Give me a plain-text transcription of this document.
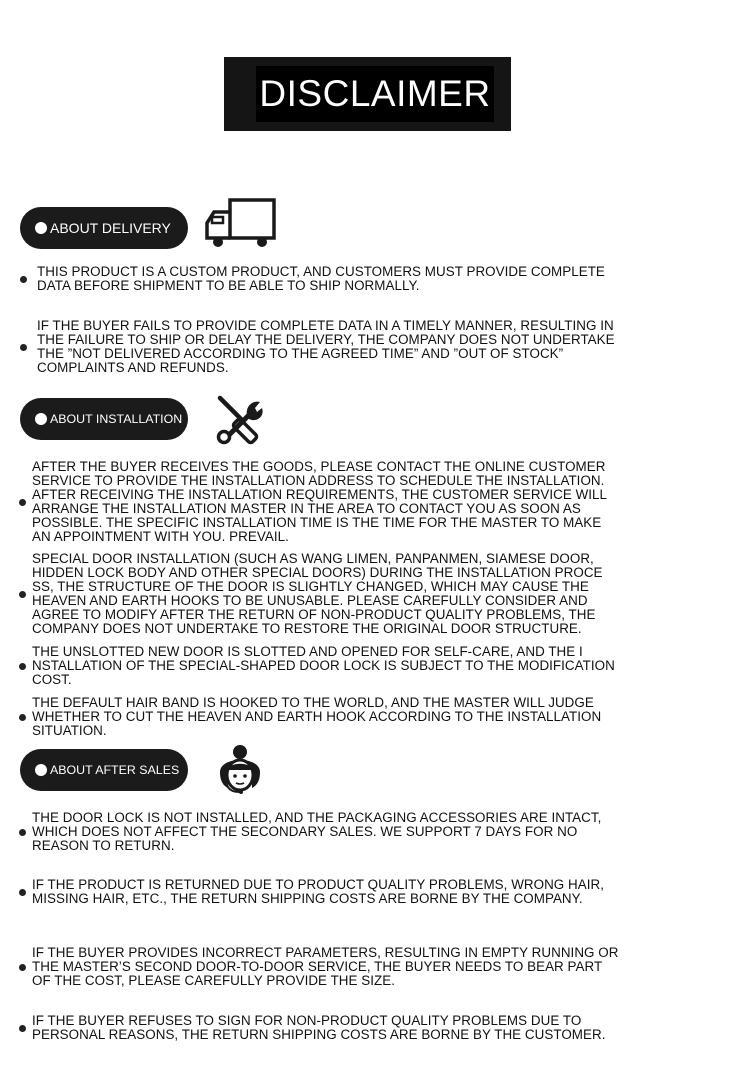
DISCLAIMER
ABOUT DELIVERY

THIS PRODUCT IS A CUSTOM PRODUCT, AND CUSTOMERS MUST PROVIDE COMPLETE
DATA BEFORE SHIPMENT TO BE ABLE TO SHIP NORMALLY.

IF THE BUYER FAILS TO PROVIDE COMPLETE DATA IN A TIMELY MANNER, RESULTING IN
THE FAILURE TO SHIP OR DELAY THE DELIVERY, THE COMPANY DOES NOT UNDERTAKE
THE ”NOT DELIVERED ACCORDING TO THE AGREED TIME” AND ”OUT OF STOCK”
COMPLAINTS AND REFUNDS.

ABOUT INSTALLATION

AFTER THE BUYER RECEIVES THE GOODS, PLEASE CONTACT THE ONLINE CUSTOMER
SERVICE TO PROVIDE THE INSTALLATION ADDRESS TO SCHEDULE THE INSTALLATION.
AFTER RECEIVING THE INSTALLATION REQUIREMENTS, THE CUSTOMER SERVICE WILL
ARRANGE THE INSTALLATION MASTER IN THE AREA TO CONTACT YOU AS SOON AS
POSSIBLE. THE SPECIFIC INSTALLATION TIME IS THE TIME FOR THE MASTER TO MAKE
AN APPOINTMENT WITH YOU. PREVAIL.

SPECIAL DOOR INSTALLATION (SUCH AS WANG LIMEN, PANPANMEN, SIAMESE DOOR,
HIDDEN LOCK BODY AND OTHER SPECIAL DOORS) DURING THE INSTALLATION PROCE
SS, THE STRUCTURE OF THE DOOR IS SLIGHTLY CHANGED, WHICH MAY CAUSE THE
HEAVEN AND EARTH HOOKS TO BE UNUSABLE. PLEASE CAREFULLY CONSIDER AND
AGREE TO MODIFY AFTER THE RETURN OF NON-PRODUCT QUALITY PROBLEMS, THE
COMPANY DOES NOT UNDERTAKE TO RESTORE THE ORIGINAL DOOR STRUCTURE.

THE UNSLOTTED NEW DOOR IS SLOTTED AND OPENED FOR SELF-CARE, AND THE I
NSTALLATION OF THE SPECIAL-SHAPED DOOR LOCK IS SUBJECT TO THE MODIFICATION
COST.

THE DEFAULT HAIR BAND IS HOOKED TO THE WORLD, AND THE MASTER WILL JUDGE
WHETHER TO CUT THE HEAVEN AND EARTH HOOK ACCORDING TO THE INSTALLATION
SITUATION.

ABOUT AFTER SALES

THE DOOR LOCK IS NOT INSTALLED, AND THE PACKAGING ACCESSORIES ARE INTACT,
WHICH DOES NOT AFFECT THE SECONDARY SALES. WE SUPPORT 7 DAYS FOR NO
REASON TO RETURN.

IF THE PRODUCT IS RETURNED DUE TO PRODUCT QUALITY PROBLEMS, WRONG HAIR,
MISSING HAIR, ETC., THE RETURN SHIPPING COSTS ARE BORNE BY THE COMPANY.

IF THE BUYER PROVIDES INCORRECT PARAMETERS, RESULTING IN EMPTY RUNNING OR
THE MASTER’S SECOND DOOR-TO-DOOR SERVICE, THE BUYER NEEDS TO BEAR PART
OF THE COST, PLEASE CAREFULLY PROVIDE THE SIZE.

IF THE BUYER REFUSES TO SIGN FOR NON-PRODUCT QUALITY PROBLEMS DUE TO
PERSONAL REASONS, THE RETURN SHIPPING COSTS ARE BORNE BY THE CUSTOMER.
